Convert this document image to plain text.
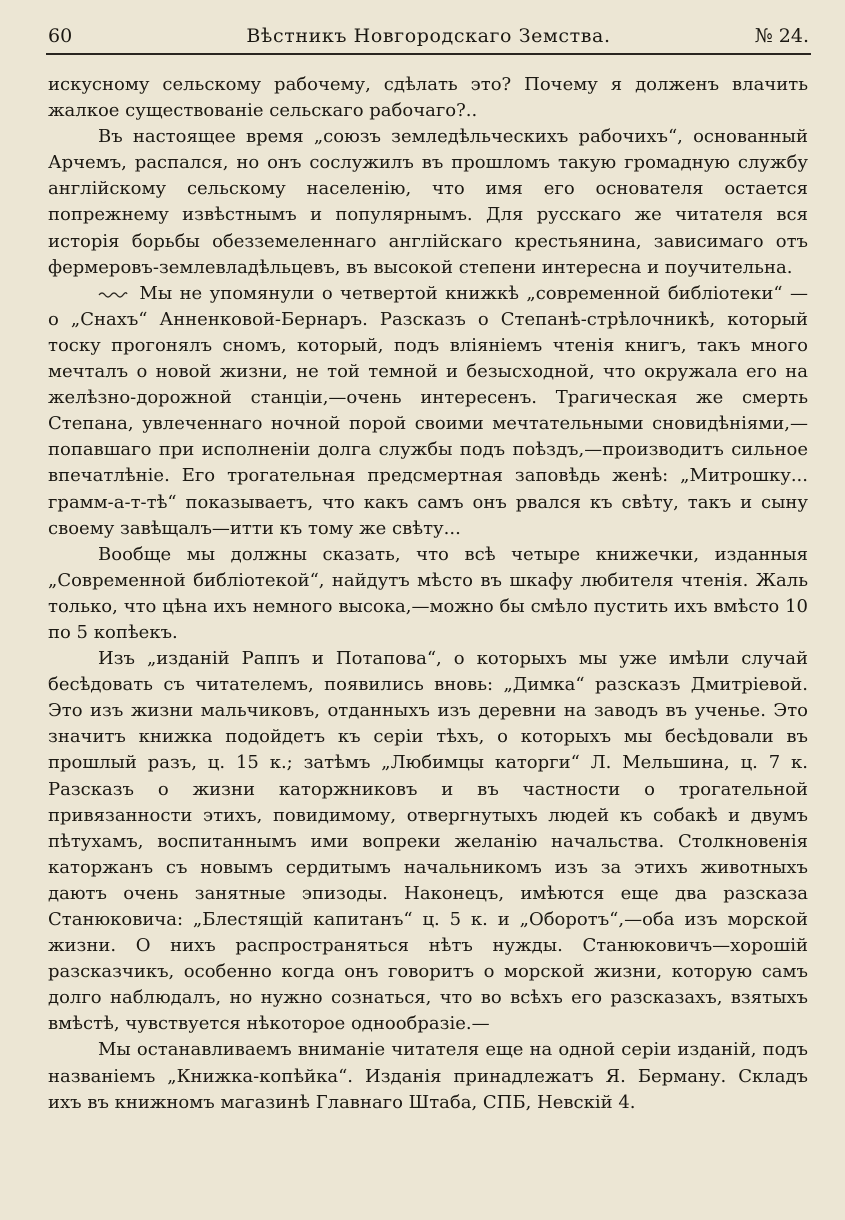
60	Вѣстникъ Новгородскаго Земства.	№ 24.

искусному сельскому рабочему, сдѣлать это? Почему я долженъ влачить жалкое существованіе сельскаго рабочаго?..

Въ настоящее время „союзъ земледѣльческихъ рабочихъ“, основанный Арчемъ, распался, но онъ сослужилъ въ прошломъ такую громадную службу англійскому сельскому населенію, что имя его основателя остается попрежнему извѣстнымъ и популярнымъ. Для русскаго же читателя вся исторія борьбы обезземеленнаго англійскаго крестьянина, зависимаго отъ фермеровъ-землевладѣльцевъ, въ высокой степени интересна и поучительна.

Мы не упомянули о четвертой книжкѣ „современной библіотеки“ — о „Снахъ“ Анненковой-Бернаръ. Разсказъ о Степанѣ-стрѣлочникѣ, который тоску прогонялъ сномъ, который, подъ вліяніемъ чтенія книгъ, такъ много мечталъ о новой жизни, не той темной и безысходной, что окружала его на желѣзно-дорожной станціи,—очень интересенъ. Трагическая же смерть Степана, увлеченнаго ночной порой своими мечтательными сновидѣніями,—попавшаго при исполненіи долга службы подъ поѣздъ,—производитъ сильное впечатлѣніе. Его трогательная предсмертная заповѣдь женѣ: „Митрошку... грамм-а-т-тѣ“ показываетъ, что какъ самъ онъ рвался къ свѣту, такъ и сыну своему завѣщалъ—итти къ тому же свѣту...

Вообще мы должны сказать, что всѣ четыре книжечки, изданныя „Современной библіотекой“, найдутъ мѣсто въ шкафу любителя чтенія. Жаль только, что цѣна ихъ немного высока,—можно бы смѣло пустить ихъ вмѣсто 10 по 5 копѣекъ.

Изъ „изданій Раппъ и Потапова“, о которыхъ мы уже имѣли случай бесѣдовать съ читателемъ, появились вновь: „Димка“ разсказъ Дмитріевой. Это изъ жизни мальчиковъ, отданныхъ изъ деревни на заводъ въ ученье. Это значитъ книжка подойдетъ къ серіи тѣхъ, о которыхъ мы бесѣдовали въ прошлый разъ, ц. 15 к.; затѣмъ „Любимцы каторги“ Л. Мельшина, ц. 7 к. Разсказъ о жизни каторжниковъ и въ частности о трогательной привязанности этихъ, повидимому, отвергнутыхъ людей къ собакѣ и двумъ пѣтухамъ, воспитаннымъ ими вопреки желанію начальства. Столкновенія каторжанъ съ новымъ сердитымъ начальникомъ изъ за этихъ животныхъ даютъ очень занятные эпизоды. Наконецъ, имѣются еще два разсказа Станюковича: „Блестящій капитанъ“ ц. 5 к. и „Оборотъ“,—оба изъ морской жизни. О нихъ распространяться нѣтъ нужды. Станюковичъ—хорошій разсказчикъ, особенно когда онъ говоритъ о морской жизни, которую самъ долго наблюдалъ, но нужно сознаться, что во всѣхъ его разсказахъ, взятыхъ вмѣстѣ, чувствуется нѣкоторое однообразіе.—

Мы останавливаемъ вниманіе читателя еще на одной серіи изданій, подъ названіемъ „Книжка-копѣйка“. Изданія принадлежатъ Я. Берману. Складъ ихъ въ книжномъ магазинѣ Главнаго Штаба, СПБ, Невскій 4.
